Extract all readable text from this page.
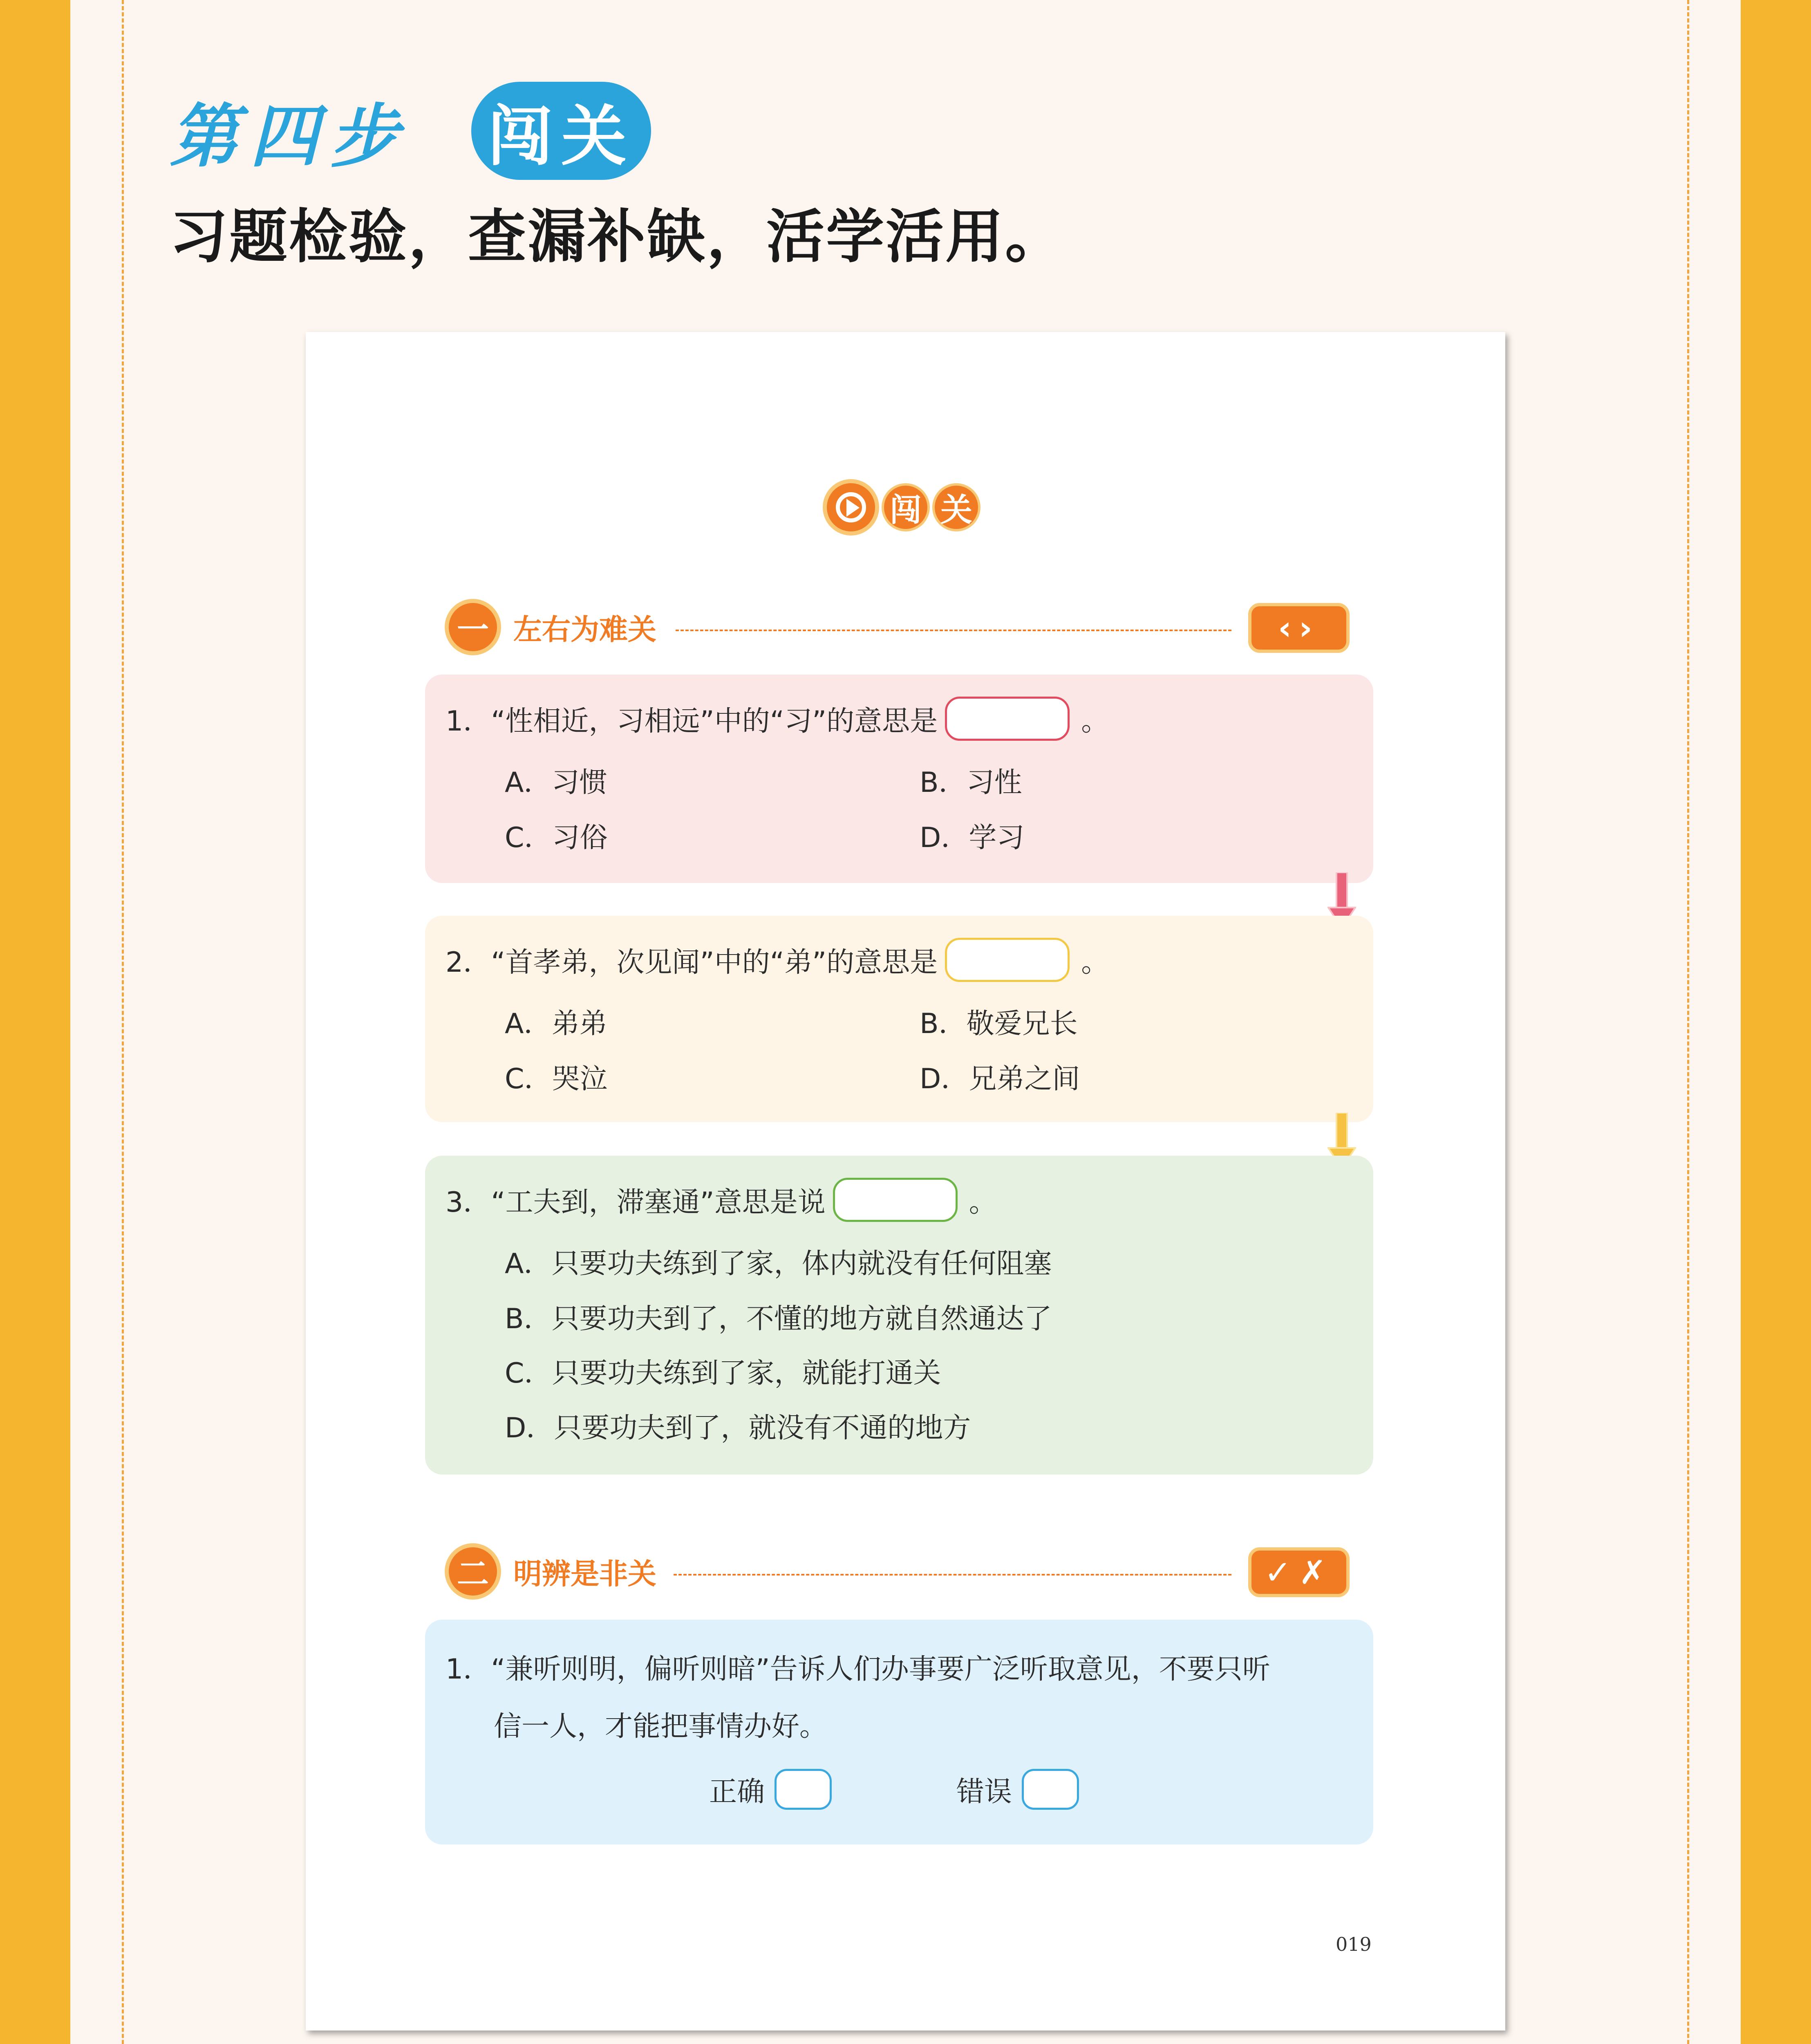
第四步 闯关
习题检验，查漏补缺，活学活用。
闯 关
一 左右为难关	‹›
1．“性相近，习相远”中的“习”的意思是	。
A．习惯	B．习性
C．习俗	D．学习
2．“首孝弟，次见闻”中的“弟”的意思是	。
A．弟弟	B．敬爱兄长
C．哭泣	D．兄弟之间
3．“工夫到，滞塞通”意思是说	。
A．只要功夫练到了家，体内就没有任何阻塞
B．只要功夫到了，不懂的地方就自然通达了
C．只要功夫练到了家，就能打通关
D．只要功夫到了，就没有不通的地方
二 明辨是非关	✓✗
1．“兼听则明，偏听则暗”告诉人们办事要广泛听取意见，不要只听
信一人，才能把事情办好。
正确	错误
019
